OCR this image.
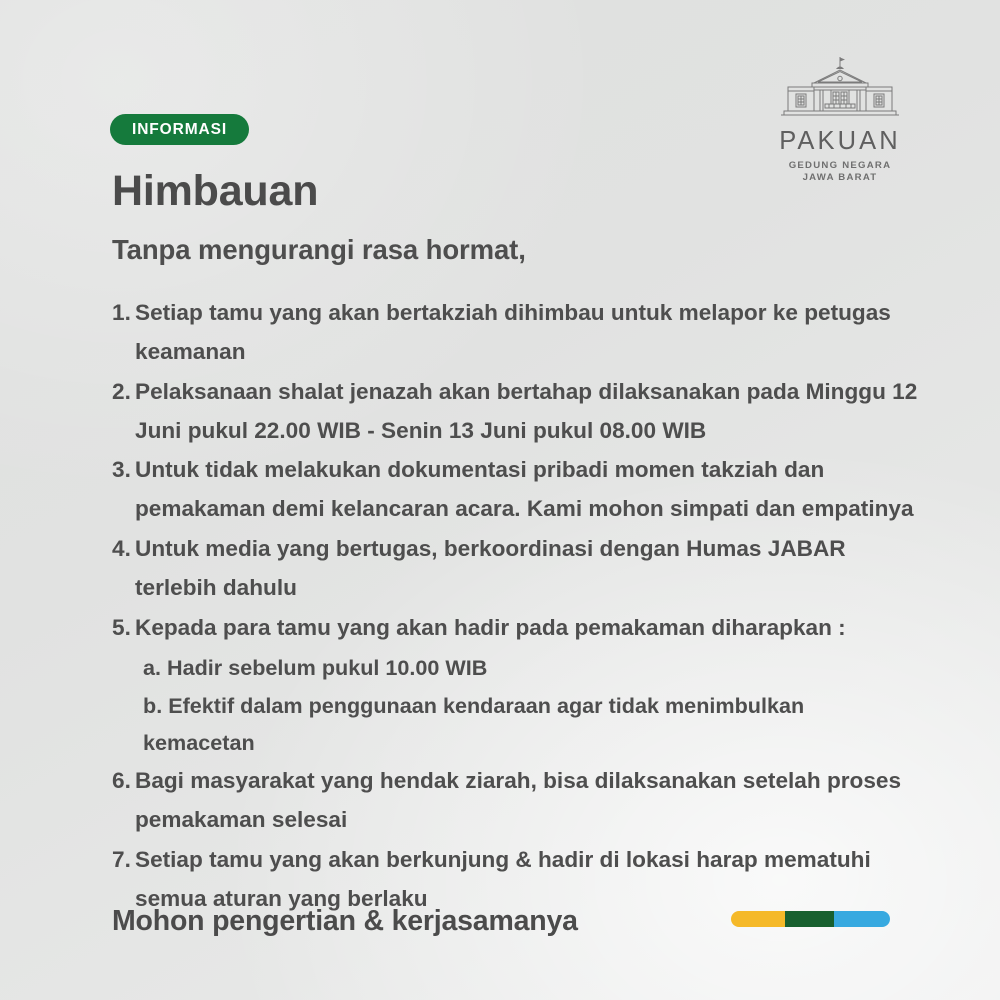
PAKUAN
GEDUNG NEGARA
JAWA BARAT
INFORMASI
Himbauan
Tanpa mengurangi rasa hormat,
1. Setiap tamu yang akan bertakziah dihimbau untuk melapor ke petugas keamanan
2. Pelaksanaan shalat jenazah akan bertahap dilaksanakan pada Minggu 12 Juni pukul 22.00 WIB - Senin 13 Juni pukul 08.00 WIB
3. Untuk tidak melakukan dokumentasi pribadi momen takziah dan pemakaman demi kelancaran acara. Kami mohon simpati dan empatinya
4. Untuk media yang bertugas, berkoordinasi dengan Humas JABAR terlebih dahulu
5. Kepada para tamu yang akan hadir pada pemakaman diharapkan :
a. Hadir sebelum pukul 10.00 WIB
b. Efektif dalam penggunaan kendaraan agar tidak menimbulkan kemacetan
6. Bagi masyarakat yang hendak ziarah, bisa dilaksanakan setelah proses pemakaman selesai
7. Setiap tamu yang akan berkunjung & hadir di lokasi harap mematuhi semua aturan yang berlaku
Mohon pengertian & kerjasamanya
